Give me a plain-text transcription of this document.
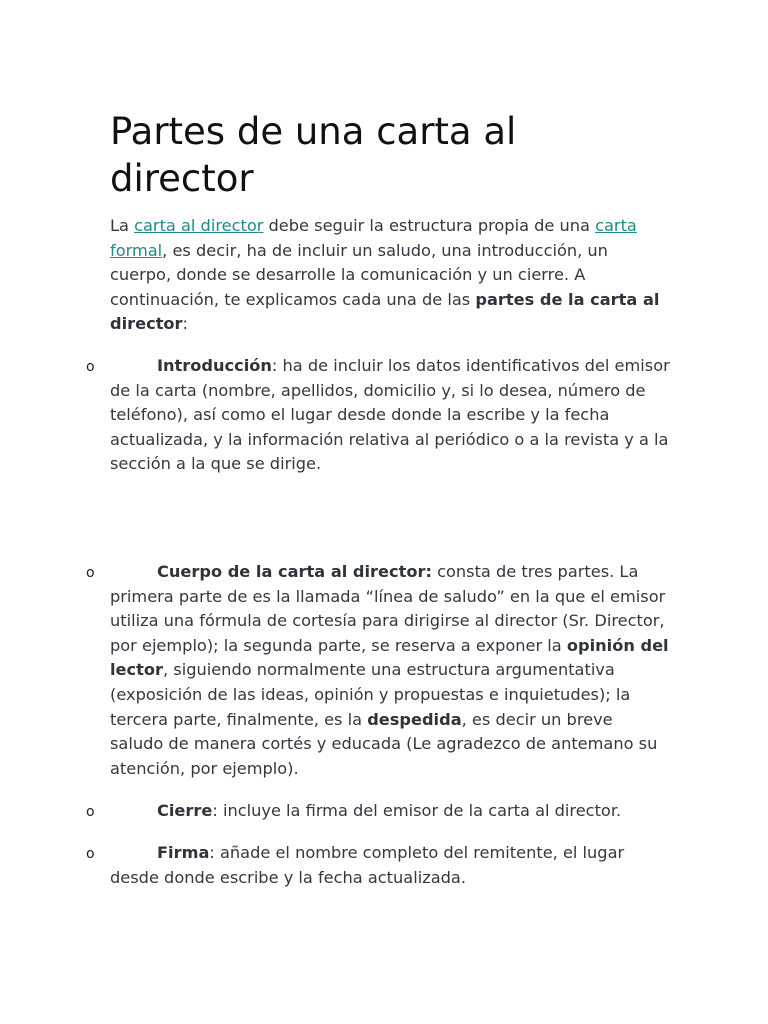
Partes de una carta al director

La carta al director debe seguir la estructura propia de una carta formal, es decir, ha de incluir un saludo, una introducción, un cuerpo, donde se desarrolle la comunicación y un cierre. A continuación, te explicamos cada una de las partes de la carta al director:

o	Introducción: ha de incluir los datos identificativos del emisor de la carta (nombre, apellidos, domicilio y, si lo desea, número de teléfono), así como el lugar desde donde la escribe y la fecha actualizada, y la información relativa al periódico o a la revista y a la sección a la que se dirige.

o	Cuerpo de la carta al director: consta de tres partes. La primera parte de es la llamada “línea de saludo” en la que el emisor utiliza una fórmula de cortesía para dirigirse al director (Sr. Director, por ejemplo); la segunda parte, se reserva a exponer la opinión del lector, siguiendo normalmente una estructura argumentativa (exposición de las ideas, opinión y propuestas e inquietudes); la tercera parte, finalmente, es la despedida, es decir un breve saludo de manera cortés y educada (Le agradezco de antemano su atención, por ejemplo).

o	Cierre: incluye la firma del emisor de la carta al director.

o	Firma: añade el nombre completo del remitente, el lugar desde donde escribe y la fecha actualizada.
